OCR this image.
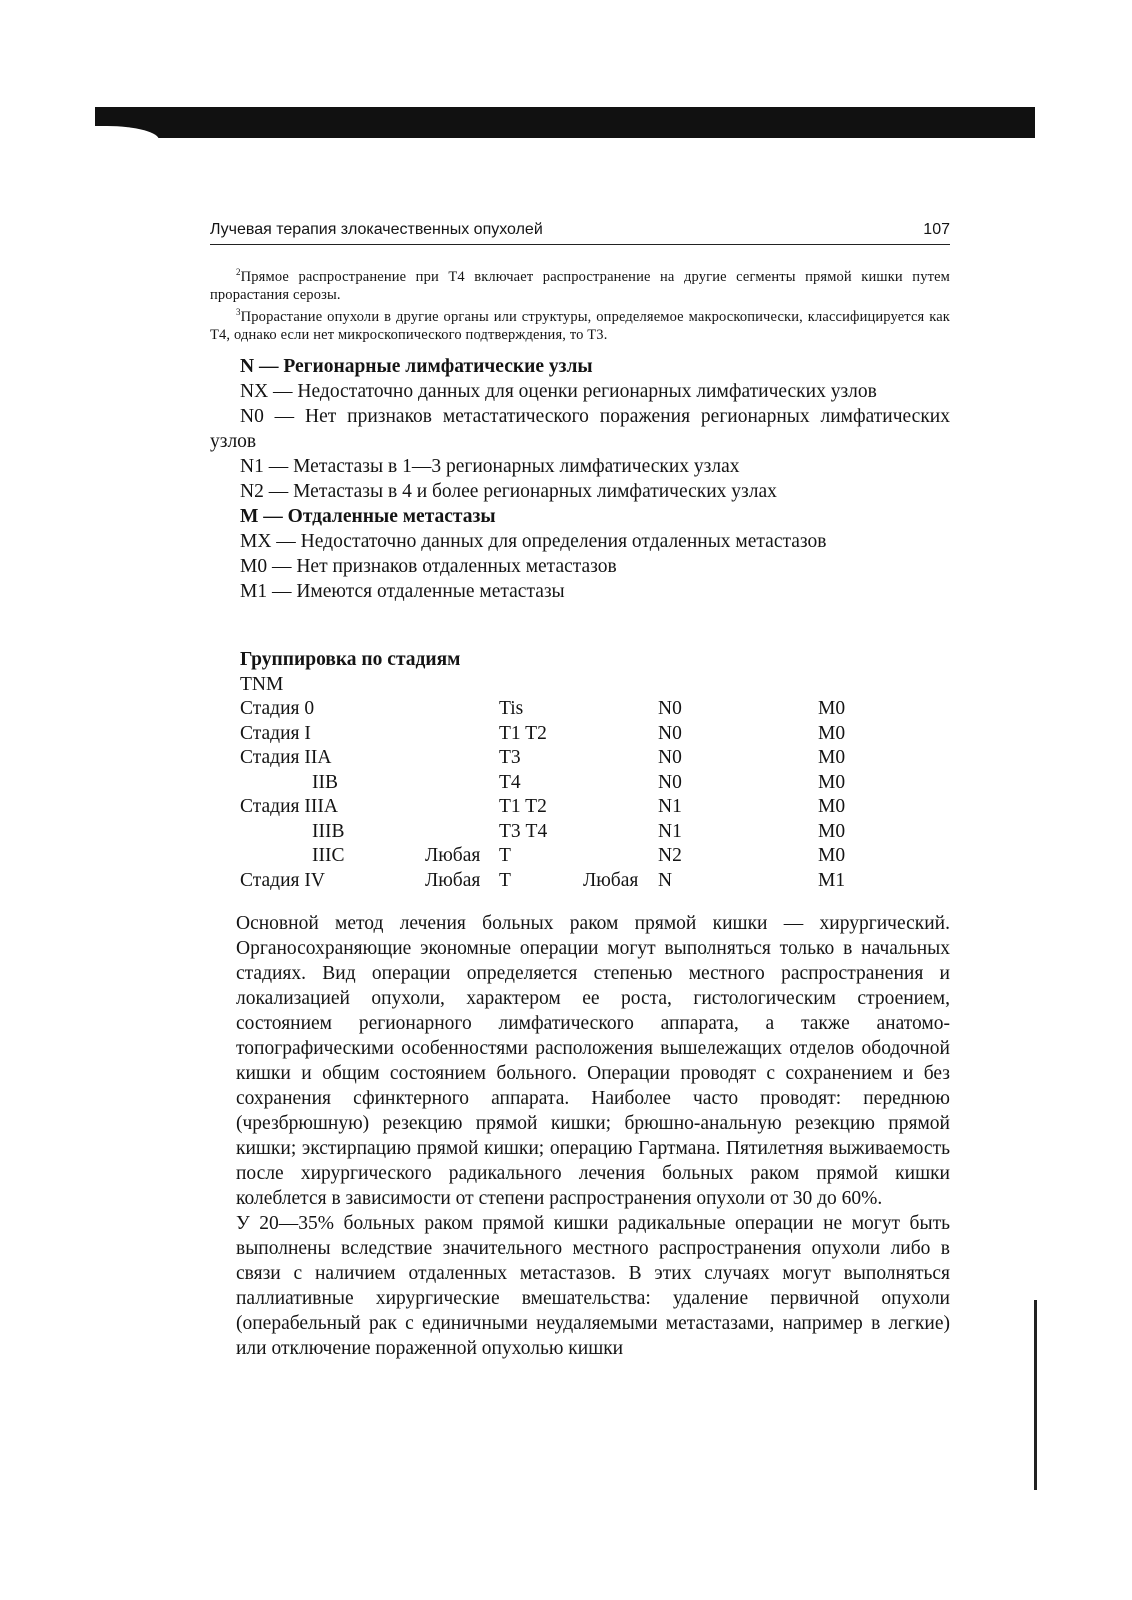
Лучевая терапия злокачественных опухолей	107
$^2$Прямое распространение при Т4 включает распространение на другие сегменты прямой кишки путем прорастания серозы.
$^3$Прорастание опухоли в другие органы или структуры, определяемое макроскопически, классифицируется как Т4, однако если нет микроскопического подтверждения, то Т3.
N — Регионарные лимфатические узлы
NX — Недостаточно данных для оценки регионарных лимфатических узлов
N0 — Нет признаков метастатического поражения регионарных лимфатических узлов
N1 — Метастазы в 1—3 регионарных лимфатических узлах
N2 — Метастазы в 4 и более регионарных лимфатических узлах
М — Отдаленные метастазы
MX — Недостаточно данных для определения отдаленных метастазов
М0 — Нет признаков отдаленных метастазов
M1 — Имеются отдаленные метастазы
Группировка по стадиям
TNM
Стадия 0	Tis	N0	М0
Стадия I	T1 T2	N0	М0
Стадия IIA	Т3	N0	М0
IIB	Т4	N0	М0
Стадия IIIA	T1 T2	N1	М0
IIIB	Т3 Т4	N1	М0
IIIC	Любая Т	N2	М0
Стадия IV	Любая Т	Любая N	M1

Основной метод лечения больных раком прямой кишки — хирургический. Органосохраняющие экономные операции могут выполняться только в начальных стадиях. Вид операции определяется степенью местного распространения и локализацией опухоли, характером ее роста, гистологическим строением, состоянием регионарного лимфатического аппарата, а также анатомо-топографическими особенностями расположения вышележащих отделов ободочной кишки и общим состоянием больного. Операции проводят с сохранением и без сохранения сфинктерного аппарата. Наиболее часто проводят: переднюю (чрезбрюшную) резекцию прямой кишки; брюшно-анальную резекцию прямой кишки; экстирпацию прямой кишки; операцию Гартмана. Пятилетняя выживаемость после хирургического радикального лечения больных раком прямой кишки колеблется в зависимости от степени распространения опухоли от 30 до 60%.

У 20—35% больных раком прямой кишки радикальные операции не могут быть выполнены вследствие значительного местного распространения опухоли либо в связи с наличием отдаленных метастазов. В этих случаях могут выполняться паллиативные хирургические вмешательства: удаление первичной опухоли (операбельный рак с единичными неудаляемыми метастазами, например в легкие) или отключение пораженной опухолью кишки
